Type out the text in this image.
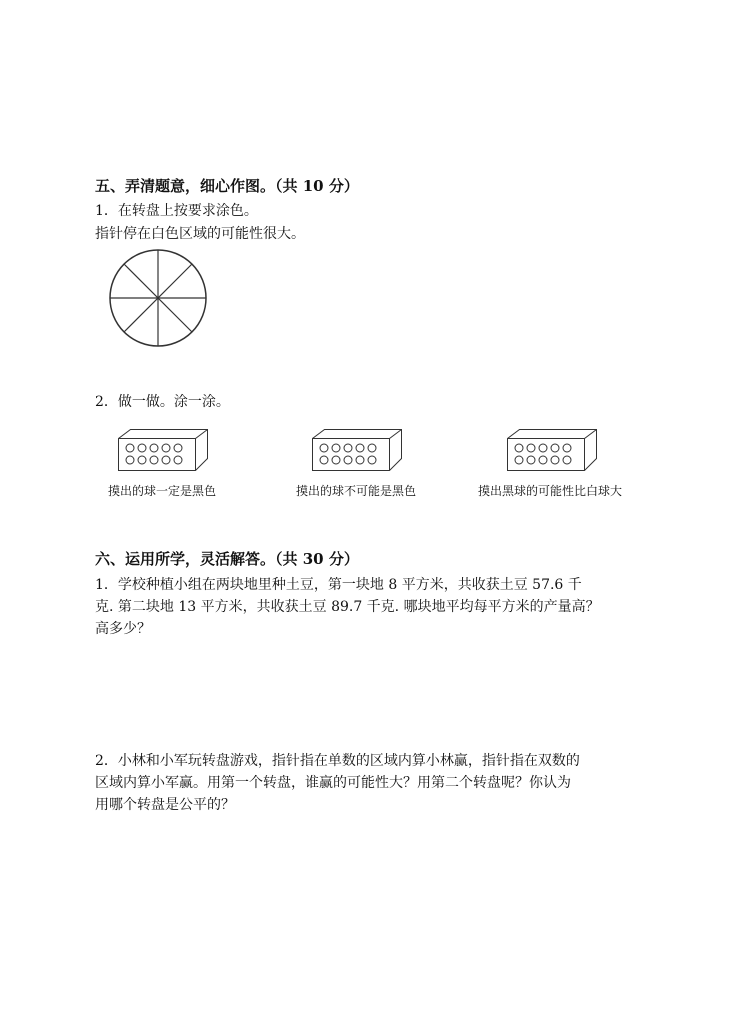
五、弄清题意，细心作图。（共 10 分）
1．在转盘上按要求涂色。
指针停在白色区域的可能性很大。
2．做一做。涂一涂。
摸出的球一定是黑色	摸出的球不可能是黑色	摸出黑球的可能性比白球大
六、运用所学，灵活解答。（共 30 分）
1．学校种植小组在两块地里种土豆，第一块地 8 平方米，共收获土豆 57.6 千
克. 第二块地 13 平方米，共收获土豆 89.7 千克. 哪块地平均每平方米的产量高？
高多少？
2．小林和小军玩转盘游戏，指针指在单数的区域内算小林赢，指针指在双数的
区域内算小军赢。用第一个转盘，谁赢的可能性大？用第二个转盘呢？你认为
用哪个转盘是公平的？
